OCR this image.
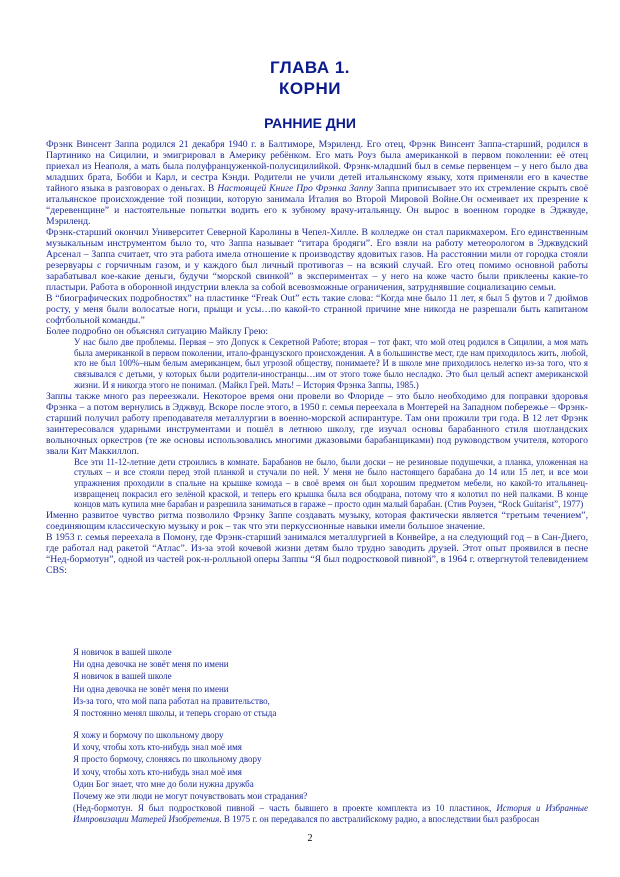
ГЛАВА 1.
КОРНИ
РАННИЕ ДНИ

Фрэнк Винсент Заппа родился 21 декабря 1940 г. в Балтиморе, Мэриленд. Его отец, Фрэнк Винсент Заппа-старший, родился в Партинико на Сицилии, и эмигрировал в Америку ребёнком. Его мать Роуз была американкой в первом поколении: её отец приехал из Неаполя, а мать была полуфранцуженкой-полусицилийкой. Фрэнк-младший был в семье первенцем – у него было два младших брата, Бобби и Карл, и сестра Кэнди. Родители не учили детей итальянскому языку, хотя применяли его в качестве тайного языка в разговорах о деньгах. В Настоящей Книге Про Фрэнка Заппу Заппа приписывает это их стремление скрыть своё итальянское происхождение той позиции, которую занимала Италия во Второй Мировой Войне.Он осмеивает их презрение к “деревенщине” и настоятельные попытки водить его к зубному врачу-итальянцу. Он вырос в военном городке в Эджвуде, Мэриленд.

Фрэнк-старший окончил Университет Северной Каролины в Чепел-Хилле. В колледже он стал парикмахером. Его единственным музыкальным инструментом было то, что Заппа называет “гитара бродяги”. Его взяли на работу метеорологом в Эджвудский Арсенал – Заппа считает, что эта работа имела отношение к производству ядовитых газов. На расстоянии мили от городка стояли резервуары с горчичным газом, и у каждого был личный противогаз – на всякий случай. Его отец помимо основной работы зарабатывал кое-какие деньги, будучи “морской свинкой” в экспериментах – у него на коже часто были приклеены какие-то пластыри. Работа в оборонной индустрии влекла за собой всевозможные ограничения, затруднявшие социализацию семьи.

В “биографических подробностях” на пластинке “Freak Out” есть такие слова: “Когда мне было 11 лет, я был 5 футов и 7 дюймов росту, у меня были волосатые ноги, прыщи и усы…по какой-то странной причине мне никогда не разрешали быть капитаном софтбольной команды.”

Более подробно он объяснял ситуацию Майклу Грею:

У нас было две проблемы. Первая – это Допуск к Секретной Работе; вторая – тот факт, что мой отец родился в Сицилии, а моя мать была американкой в первом поколении, итало-французского происхождения. А в большинстве мест, где нам приходилось жить, любой, кто не был 100%–ным белым американцем, был угрозой обществу, понимаете? И в школе мне приходилось нелегко из-за того, что я связывался с детьми, у которых были родители-иностранцы…им от этого тоже было несладко. Это был целый аспект американской жизни. И я никогда этого не понимал. (Майкл Грей. Мать! – История Фрэнка Заппы, 1985.)

Заппы также много раз переезжали. Некоторое время они провели во Флориде – это было необходимо для поправки здоровья Фрэнка – а потом вернулись в Эджвуд. Вскоре после этого, в 1950 г. семья переехала в Монтерей на Западном побережье – Фрэнк-старший получил работу преподавателя металлургии в военно-морской аспирантуре. Там они прожили три года. В 12 лет Фрэнк заинтересовался ударными инструментами и пошёл в летнюю школу, где изучал основы барабанного стиля шотландских волыночных оркестров (те же основы использовались многими джазовыми барабанщиками) под руководством учителя, которого звали Кит Маккиллоп.

Все эти 11-12-летние дети строились в комнате. Барабанов не было, были доски – не резиновые подушечки, а планка, уложенная на стульях – и все стояли перед этой планкой и стучали по ней. У меня не было настоящего барабана до 14 или 15 лет, и все мои упражнения проходили в спальне на крышке комода – в своё время он был хорошим предметом мебели, но какой-то итальянец-извращенец покрасил его зелёной краской, и теперь его крышка была вся ободрана, потому что я колотил по ней палками. В конце концов мать купила мне барабан и разрешила заниматься в гараже – просто один малый барабан. (Стив Роузен, “Rock Guitarist”, 1977)

Именно развитое чувство ритма позволило Фрэнку Заппе создавать музыку, которая фактически является “третьим течением”, соединяющим классическую музыку и рок – так что эти перкуссионные навыки имели большое значение.

В 1953 г. семья переехала в Помону, где Фрэнк-старший занимался металлургией в Конвейре, а на следующий год – в Сан-Диего, где работал над ракетой “Атлас”. Из-за этой кочевой жизни детям было трудно заводить друзей. Этот опыт проявился в песне “Нед-бормотун”, одной из частей рок-н-ролльной оперы Заппы “Я был подростковой пивной”, в 1964 г. отвергнутой телевидением CBS:

Я новичок в вашей школе
Ни одна девочка не зовёт меня по имени
Я новичок в вашей школе
Ни одна девочка не зовёт меня по имени
Из-за того, что мой папа работал на правительство,
Я постоянно менял школы, и теперь сгораю от стыда
Я хожу и бормочу по школьному двору
И хочу, чтобы хоть кто-нибудь знал моё имя
Я просто бормочу, слоняясь по школьному двору
И хочу, чтобы хоть кто-нибудь знал моё имя
Один Бог знает, что мне до боли нужна дружба
Почему же эти люди не могут почувствовать мои страдания?
(Нед-бормотун. Я был подростковой пивной – часть бывшего в проекте комплекта из 10 пластинок, История и Избранные Импровизации Матерей Изобретения. В 1975 г. он передавался по австралийскому радио, а впоследствии был разбросан
2
